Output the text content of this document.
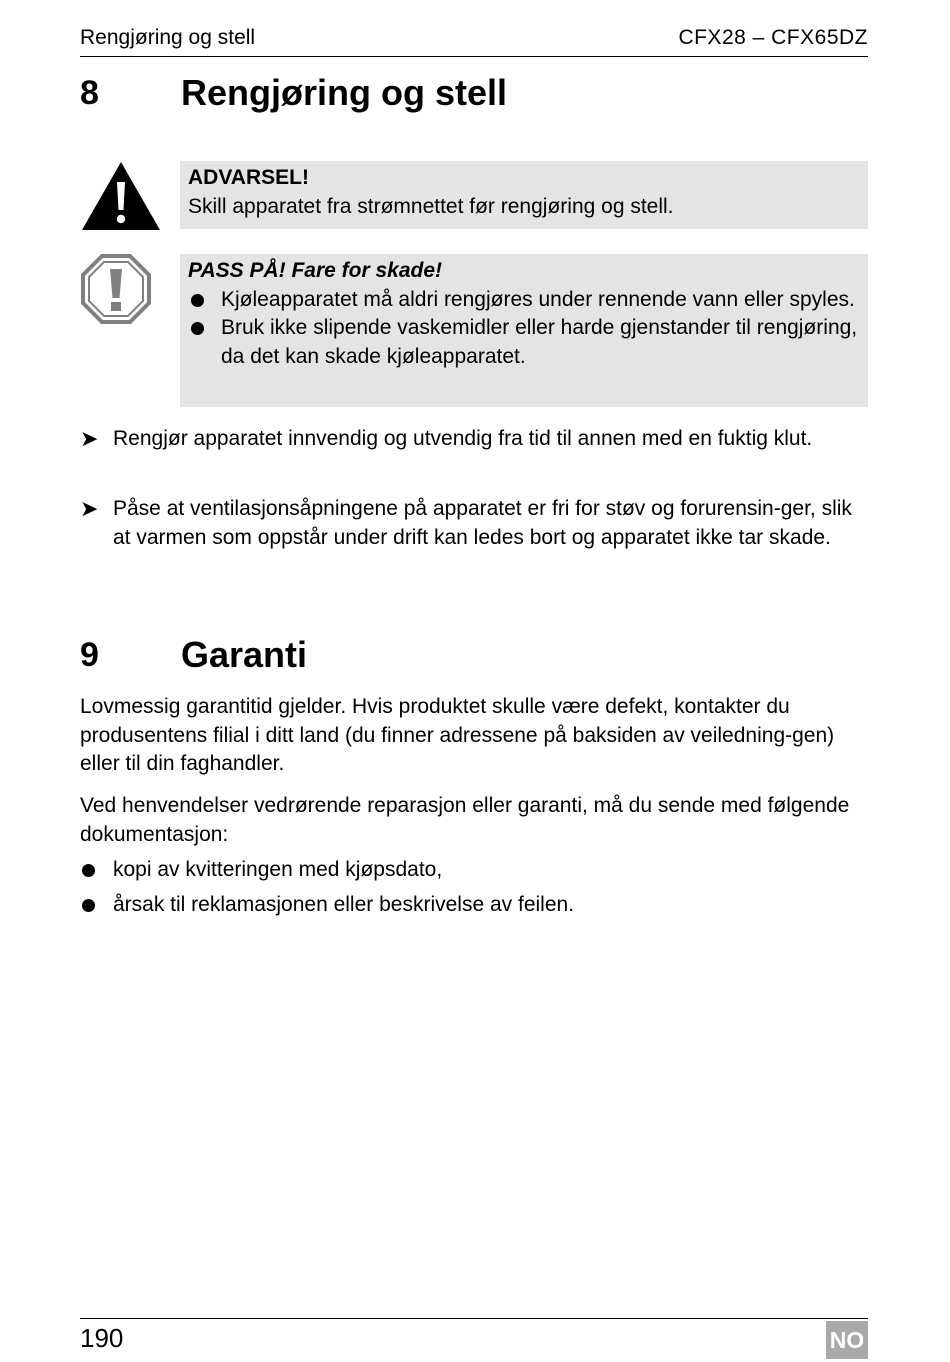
Rengjøring og stell	CFX28 – CFX65DZ
8 Rengjøring og stell
ADVARSEL!
Skill apparatet fra strømnettet før rengjøring og stell.
PASS PÅ! Fare for skade!
Kjøleapparatet må aldri rengjøres under rennende vann eller spyles.
Bruk ikke slipende vaskemidler eller harde gjenstander til rengjøring, da det kan skade kjøleapparatet.
➤ Rengjør apparatet innvendig og utvendig fra tid til annen med en fuktig klut.
➤ Påse at ventilasjonsåpningene på apparatet er fri for støv og forurensin-ger, slik at varmen som oppstår under drift kan ledes bort og apparatet ikke tar skade.
9 Garanti
Lovmessig garantitid gjelder. Hvis produktet skulle være defekt, kontakter du produsentens filial i ditt land (du finner adressene på baksiden av veiledning-gen) eller til din faghandler.
Ved henvendelser vedrørende reparasjon eller garanti, må du sende med følgende dokumentasjon:
kopi av kvitteringen med kjøpsdato,
årsak til reklamasjonen eller beskrivelse av feilen.
190	NO
